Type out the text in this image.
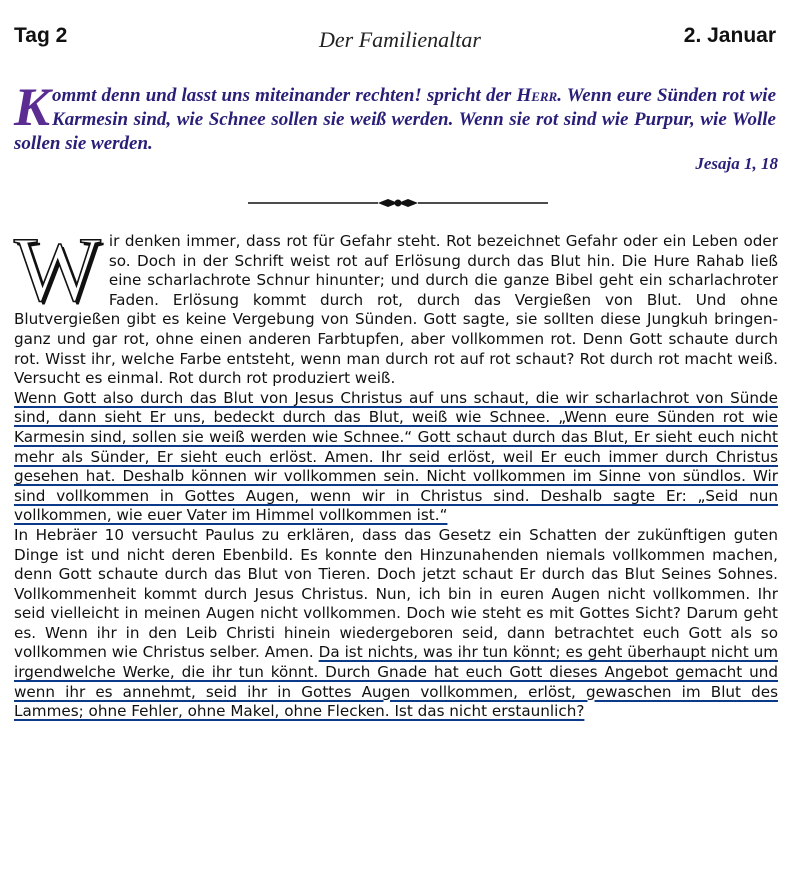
Tag 2	Der Familienaltar	2. Januar
Kommt denn und lasst uns miteinander rechten! spricht der Herr. Wenn eure Sünden rot wie Karmesin sind, wie Schnee sollen sie weiß werden. Wenn sie rot sind wie Purpur, wie Wolle sollen sie werden.
Jesaja 1, 18
W ir denken immer, dass rot für Gefahr steht. Rot bezeichnet Gefahr oder ein Leben oder so. Doch in der Schrift weist rot auf Erlösung durch das Blut hin. Die Hure Rahab ließ eine scharlachrote Schnur hinunter; und durch die ganze Bibel geht ein scharlachroter Faden. Erlösung kommt durch rot, durch das Vergießen von Blut. Und ohne Blutvergießen gibt es keine Vergebung von Sünden. Gott sagte, sie sollten diese Jungkuh bringen- ganz und gar rot, ohne einen anderen Farbtupfen, aber vollkommen rot. Denn Gott schaute durch rot. Wisst ihr, welche Farbe entsteht, wenn man durch rot auf rot schaut? Rot durch rot macht weiß. Versucht es einmal. Rot durch rot produziert weiß.

Wenn Gott also durch das Blut von Jesus Christus auf uns schaut, die wir scharlachrot von Sünde sind, dann sieht Er uns, bedeckt durch das Blut, weiß wie Schnee. „Wenn eure Sünden rot wie Karmesin sind, sollen sie weiß werden wie Schnee.“ Gott schaut durch das Blut, Er sieht euch nicht mehr als Sünder, Er sieht euch erlöst. Amen. Ihr seid erlöst, weil Er euch immer durch Christus gesehen hat. Deshalb können wir vollkommen sein. Nicht vollkommen im Sinne von sündlos. Wir sind vollkommen in Gottes Augen, wenn wir in Christus sind. Deshalb sagte Er: „Seid nun vollkommen, wie euer Vater im Himmel vollkommen ist.“

In Hebräer 10 versucht Paulus zu erklären, dass das Gesetz ein Schatten der zukünftigen guten Dinge ist und nicht deren Ebenbild. Es konnte den Hinzunahenden niemals vollkommen machen, denn Gott schaute durch das Blut von Tieren. Doch jetzt schaut Er durch das Blut Seines Sohnes. Vollkommenheit kommt durch Jesus Christus. Nun, ich bin in euren Augen nicht vollkommen. Ihr seid vielleicht in meinen Augen nicht vollkommen. Doch wie steht es mit Gottes Sicht? Darum geht es. Wenn ihr in den Leib Christi hinein wiedergeboren seid, dann betrachtet euch Gott als so vollkommen wie Christus selber. Amen. Da ist nichts, was ihr tun könnt; es geht überhaupt nicht um irgendwelche Werke, die ihr tun könnt. Durch Gnade hat euch Gott dieses Angebot gemacht und wenn ihr es annehmt, seid ihr in Gottes Augen vollkommen, erlöst, gewaschen im Blut des Lammes; ohne Fehler, ohne Makel, ohne Flecken. Ist das nicht erstaunlich?
